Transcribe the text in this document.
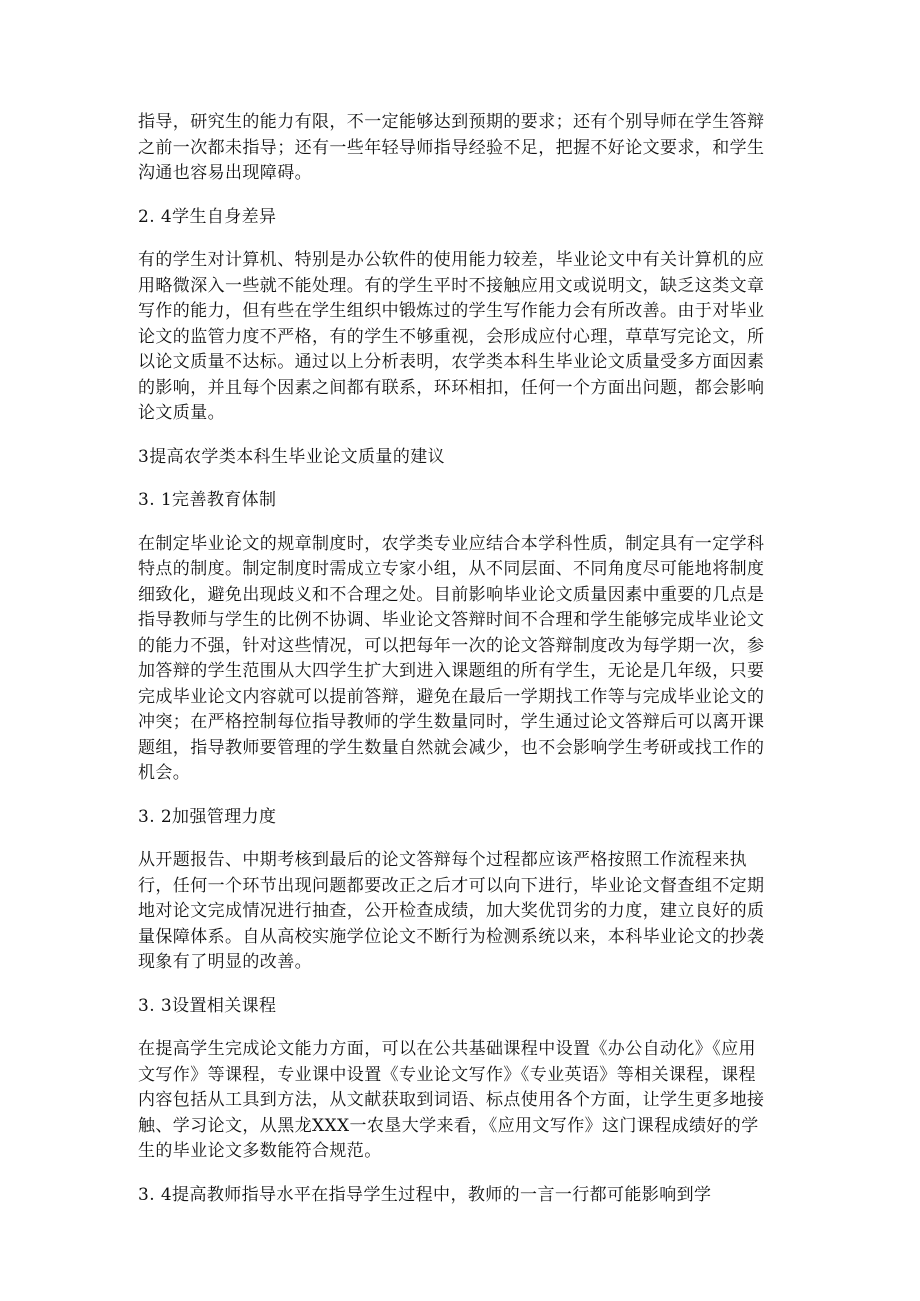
指导，研究生的能力有限，不一定能够达到预期的要求；还有个别导师在学生答辩之前一次都未指导；还有一些年轻导师指导经验不足，把握不好论文要求，和学生沟通也容易出现障碍。

2. 4学生自身差异

有的学生对计算机、特别是办公软件的使用能力较差，毕业论文中有关计算机的应用略微深入一些就不能处理。有的学生平时不接触应用文或说明文，缺乏这类文章写作的能力，但有些在学生组织中锻炼过的学生写作能力会有所改善。由于对毕业论文的监管力度不严格，有的学生不够重视，会形成应付心理，草草写完论文，所以论文质量不达标。通过以上分析表明，农学类本科生毕业论文质量受多方面因素的影响，并且每个因素之间都有联系，环环相扣，任何一个方面出问题，都会影响论文质量。

3提高农学类本科生毕业论文质量的建议

3. 1完善教育体制

在制定毕业论文的规章制度时，农学类专业应结合本学科性质，制定具有一定学科特点的制度。制定制度时需成立专家小组，从不同层面、不同角度尽可能地将制度细致化，避免出现歧义和不合理之处。目前影响毕业论文质量因素中重要的几点是指导教师与学生的比例不协调、毕业论文答辩时间不合理和学生能够完成毕业论文的能力不强，针对这些情况，可以把每年一次的论文答辩制度改为每学期一次，参加答辩的学生范围从大四学生扩大到进入课题组的所有学生，无论是几年级，只要完成毕业论文内容就可以提前答辩，避免在最后一学期找工作等与完成毕业论文的冲突；在严格控制每位指导教师的学生数量同时，学生通过论文答辩后可以离开课题组，指导教师要管理的学生数量自然就会减少，也不会影响学生考研或找工作的机会。

3. 2加强管理力度

从开题报告、中期考核到最后的论文答辩每个过程都应该严格按照工作流程来执行，任何一个环节出现问题都要改正之后才可以向下进行，毕业论文督查组不定期地对论文完成情况进行抽查，公开检查成绩，加大奖优罚劣的力度，建立良好的质量保障体系。自从高校实施学位论文不断行为检测系统以来，本科毕业论文的抄袭现象有了明显的改善。

3. 3设置相关课程

在提高学生完成论文能力方面，可以在公共基础课程中设置《办公自动化》《应用文写作》等课程，专业课中设置《专业论文写作》《专业英语》等相关课程，课程内容包括从工具到方法，从文献获取到词语、标点使用各个方面，让学生更多地接触、学习论文，从黑龙XXX一农垦大学来看，《应用文写作》这门课程成绩好的学生的毕业论文多数能符合规范。

3. 4提高教师指导水平在指导学生过程中，教师的一言一行都可能影响到学
